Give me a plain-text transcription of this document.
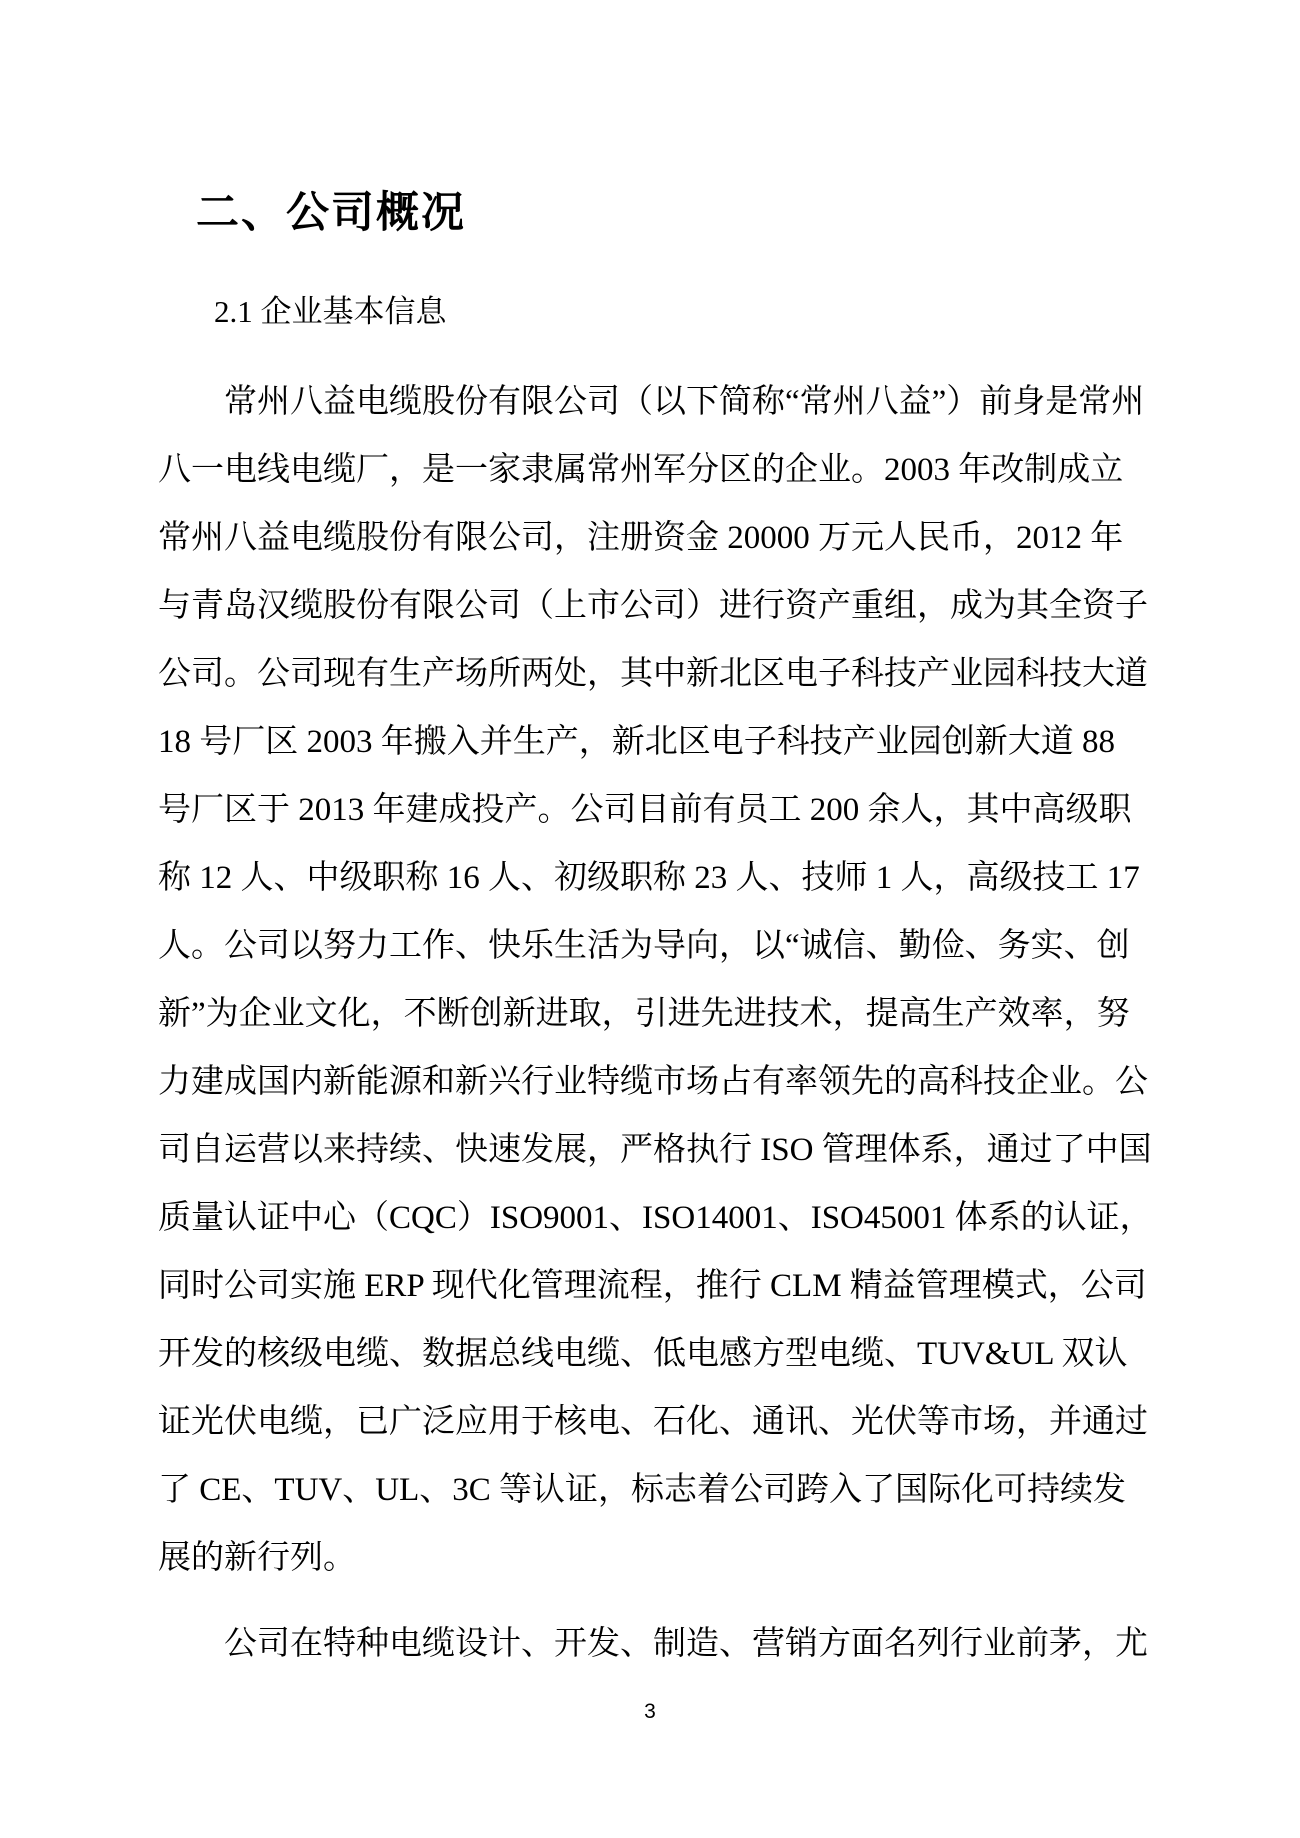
二、公司概况
2.1 企业基本信息
常州八益电缆股份有限公司（以下简称“常州八益”）前身是常州
八一电线电缆厂，是一家隶属常州军分区的企业。2003 年改制成立
常州八益电缆股份有限公司，注册资金 20000 万元人民币，2012 年
与青岛汉缆股份有限公司（上市公司）进行资产重组，成为其全资子
公司。公司现有生产场所两处，其中新北区电子科技产业园科技大道
18 号厂区 2003 年搬入并生产，新北区电子科技产业园创新大道 88
号厂区于 2013 年建成投产。公司目前有员工 200 余人，其中高级职
称 12 人、中级职称 16 人、初级职称 23 人、技师 1 人，高级技工 17
人。公司以努力工作、快乐生活为导向，以“诚信、勤俭、务实、创
新”为企业文化，不断创新进取，引进先进技术，提高生产效率，努
力建成国内新能源和新兴行业特缆市场占有率领先的高科技企业。公
司自运营以来持续、快速发展，严格执行 ISO 管理体系，通过了中国
质量认证中心（CQC）ISO9001、ISO14001、ISO45001 体系的认证，
同时公司实施 ERP 现代化管理流程，推行 CLM 精益管理模式，公司
开发的核级电缆、数据总线电缆、低电感方型电缆、TUV&UL 双认
证光伏电缆，已广泛应用于核电、石化、通讯、光伏等市场，并通过
了 CE、TUV、UL、3C 等认证，标志着公司跨入了国际化可持续发
展的新行列。
公司在特种电缆设计、开发、制造、营销方面名列行业前茅，尤
3
